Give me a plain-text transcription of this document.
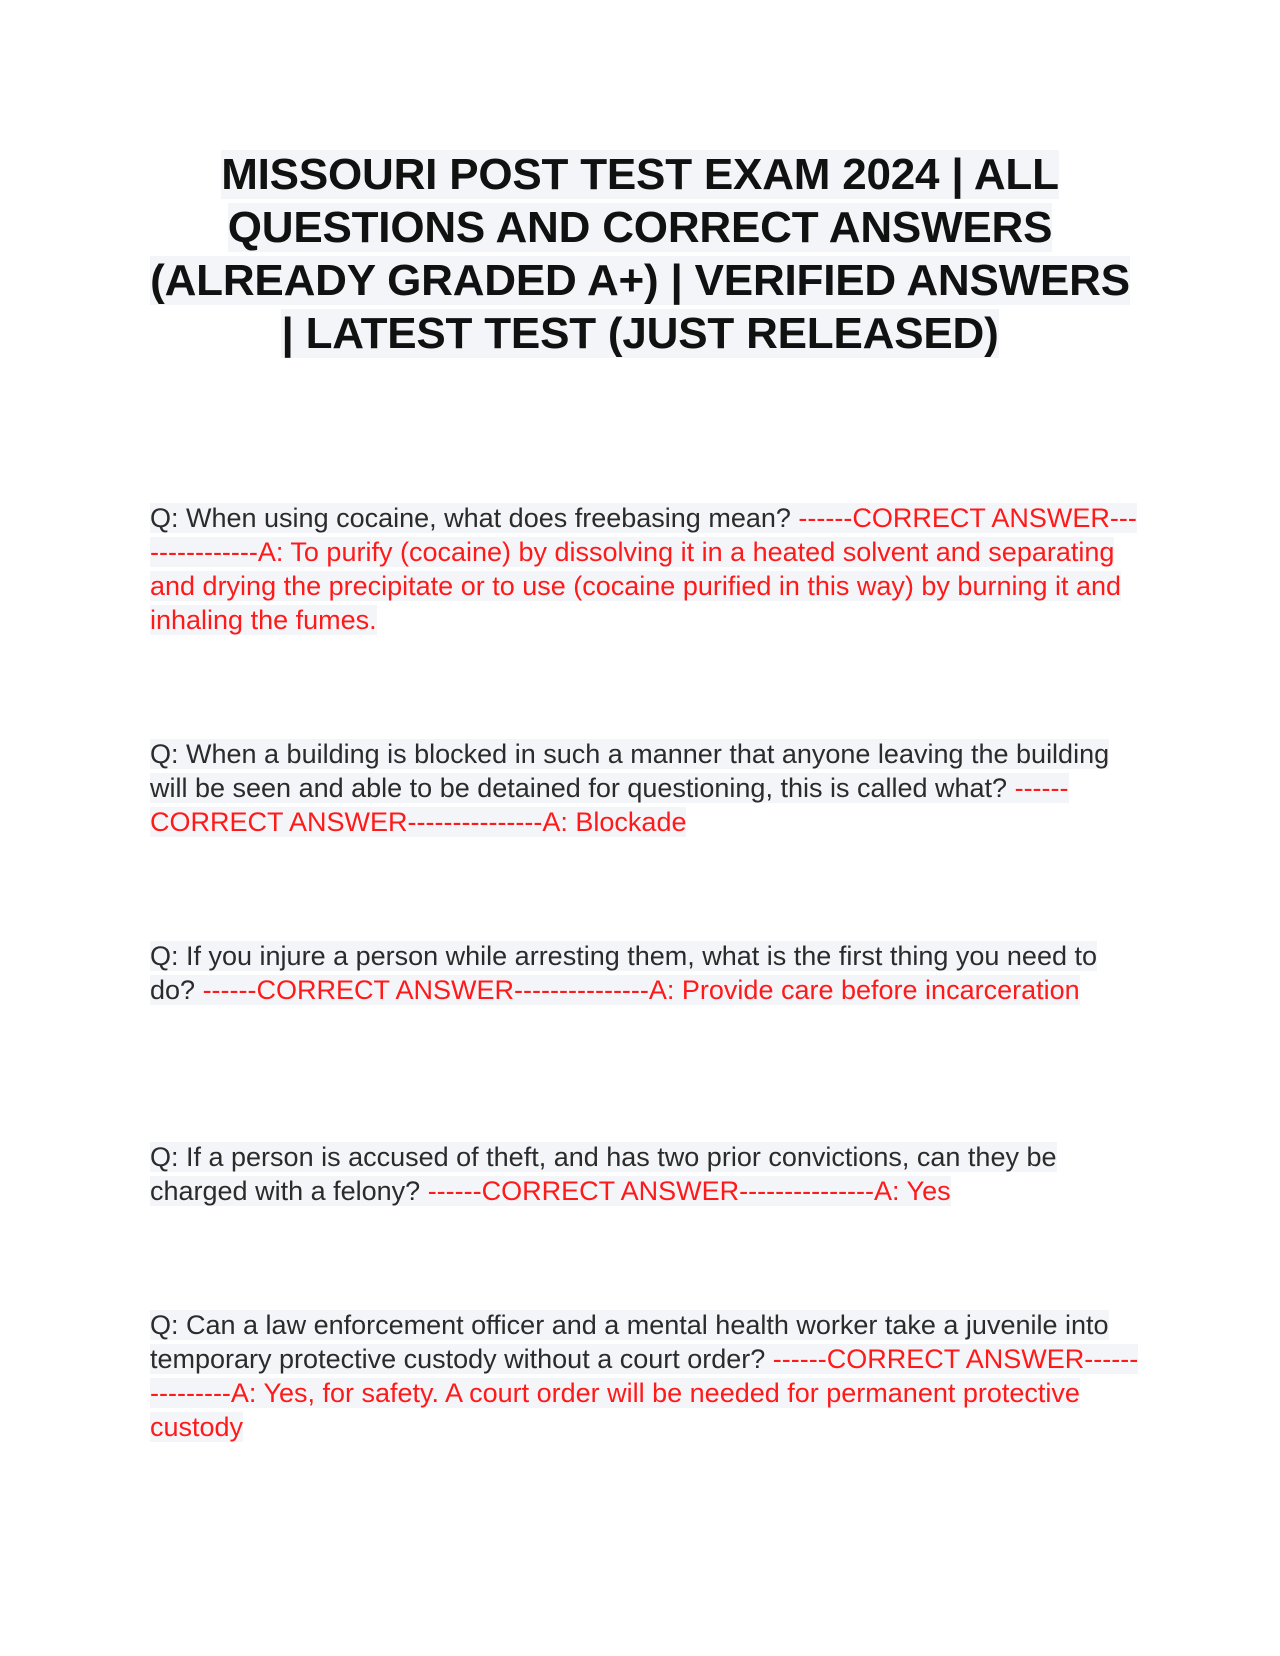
MISSOURI POST TEST EXAM 2024 | ALL QUESTIONS AND CORRECT ANSWERS (ALREADY GRADED A+) | VERIFIED ANSWERS | LATEST TEST (JUST RELEASED)
Q: When using cocaine, what does freebasing mean? ------CORRECT ANSWER---------------A: To purify (cocaine) by dissolving it in a heated solvent and separating and drying the precipitate or to use (cocaine purified in this way) by burning it and inhaling the fumes.
Q: When a building is blocked in such a manner that anyone leaving the building will be seen and able to be detained for questioning, this is called what? ------CORRECT ANSWER---------------A: Blockade
Q: If you injure a person while arresting them, what is the first thing you need to do? ------CORRECT ANSWER---------------A: Provide care before incarceration
Q: If a person is accused of theft, and has two prior convictions, can they be charged with a felony? ------CORRECT ANSWER---------------A: Yes
Q: Can a law enforcement officer and a mental health worker take a juvenile into temporary protective custody without a court order? ------CORRECT ANSWER---------------A: Yes, for safety. A court order will be needed for permanent protective custody
